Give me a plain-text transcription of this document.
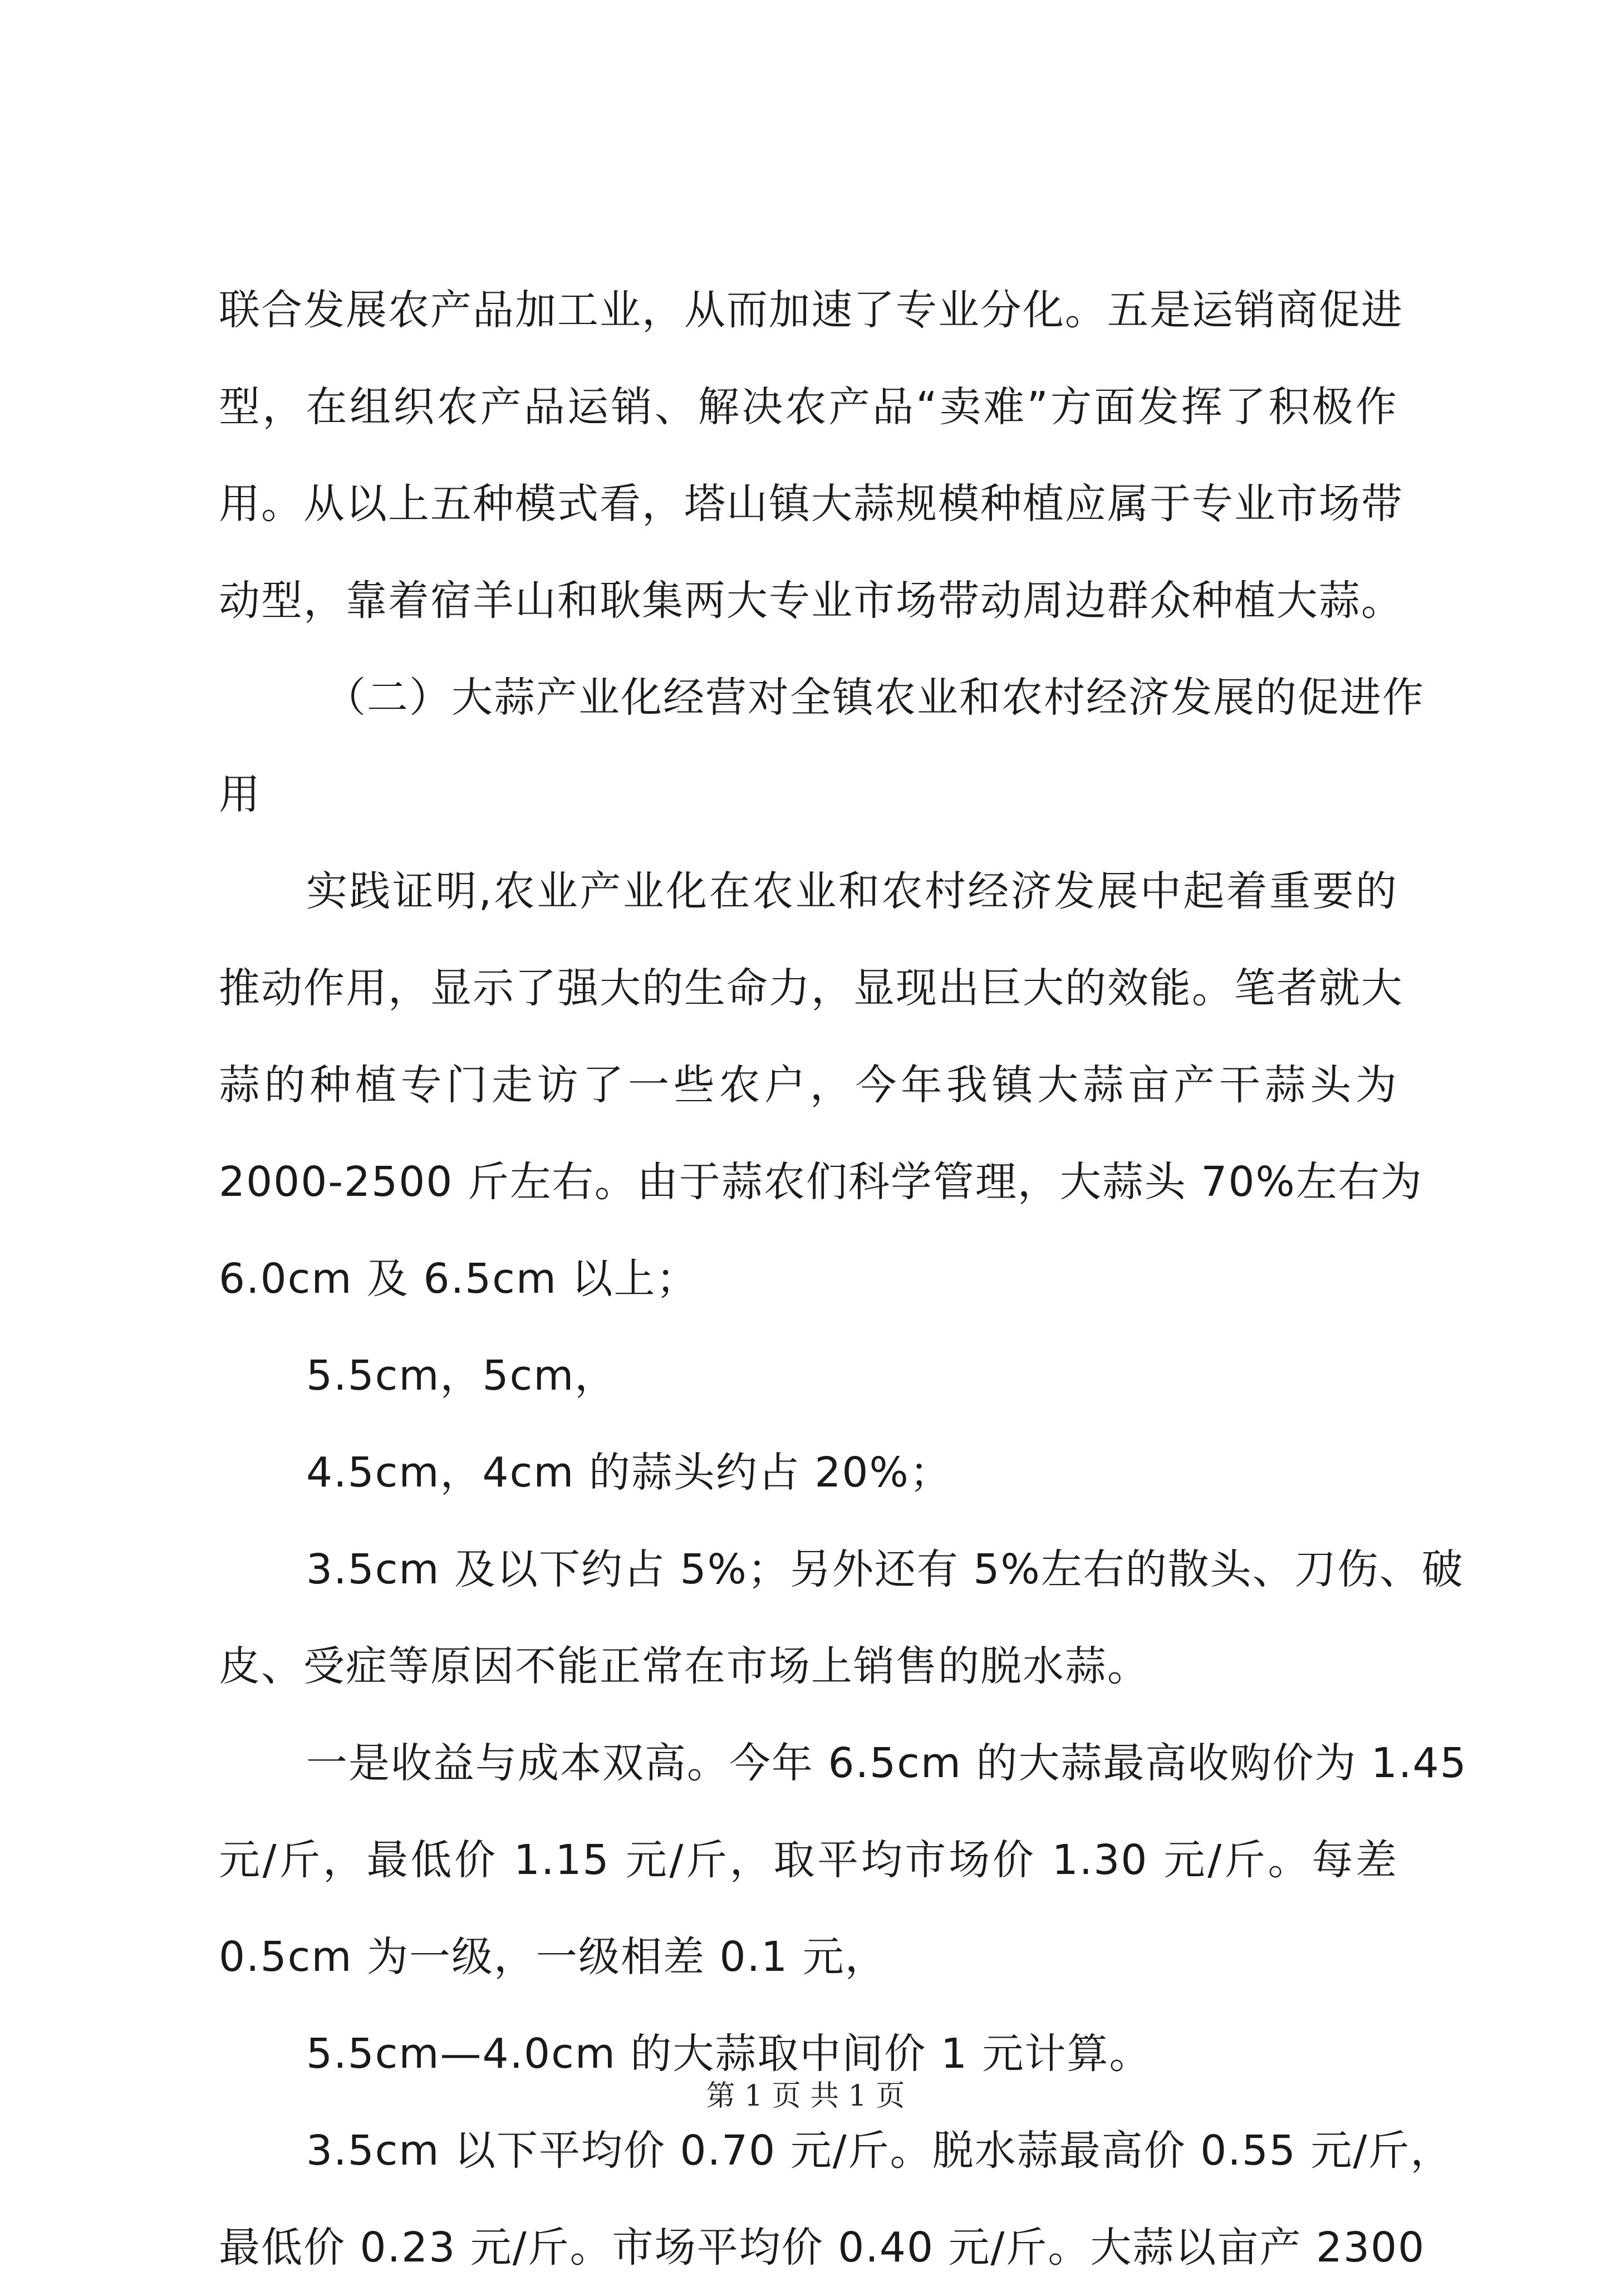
联合发展农产品加工业，从而加速了专业分化。五是运销商促进
型，在组织农产品运销、解决农产品“卖难”方面发挥了积极作
用。从以上五种模式看，塔山镇大蒜规模种植应属于专业市场带
动型，靠着宿羊山和耿集两大专业市场带动周边群众种植大蒜。
（二）大蒜产业化经营对全镇农业和农村经济发展的促进作
用
实践证明,农业产业化在农业和农村经济发展中起着重要的
推动作用，显示了强大的生命力，显现出巨大的效能。笔者就大
蒜的种植专门走访了一些农户，今年我镇大蒜亩产干蒜头为
2000-2500 斤左右。由于蒜农们科学管理，大蒜头 70%左右为
6.0cm 及 6.5cm 以上；
5.5cm，5cm，
4.5cm，4cm 的蒜头约占 20%；
3.5cm 及以下约占 5%；另外还有 5%左右的散头、刀伤、破
皮、受症等原因不能正常在市场上销售的脱水蒜。
一是收益与成本双高。今年 6.5cm 的大蒜最高收购价为 1.45
元/斤，最低价 1.15 元/斤，取平均市场价 1.30 元/斤。每差
0.5cm 为一级，一级相差 0.1 元，
5.5cm—4.0cm 的大蒜取中间价 1 元计算。
3.5cm 以下平均价 0.70 元/斤。脱水蒜最高价 0.55 元/斤，
最低价 0.23 元/斤。市场平均价 0.40 元/斤。大蒜以亩产 2300
第 1 页 共 1 页
